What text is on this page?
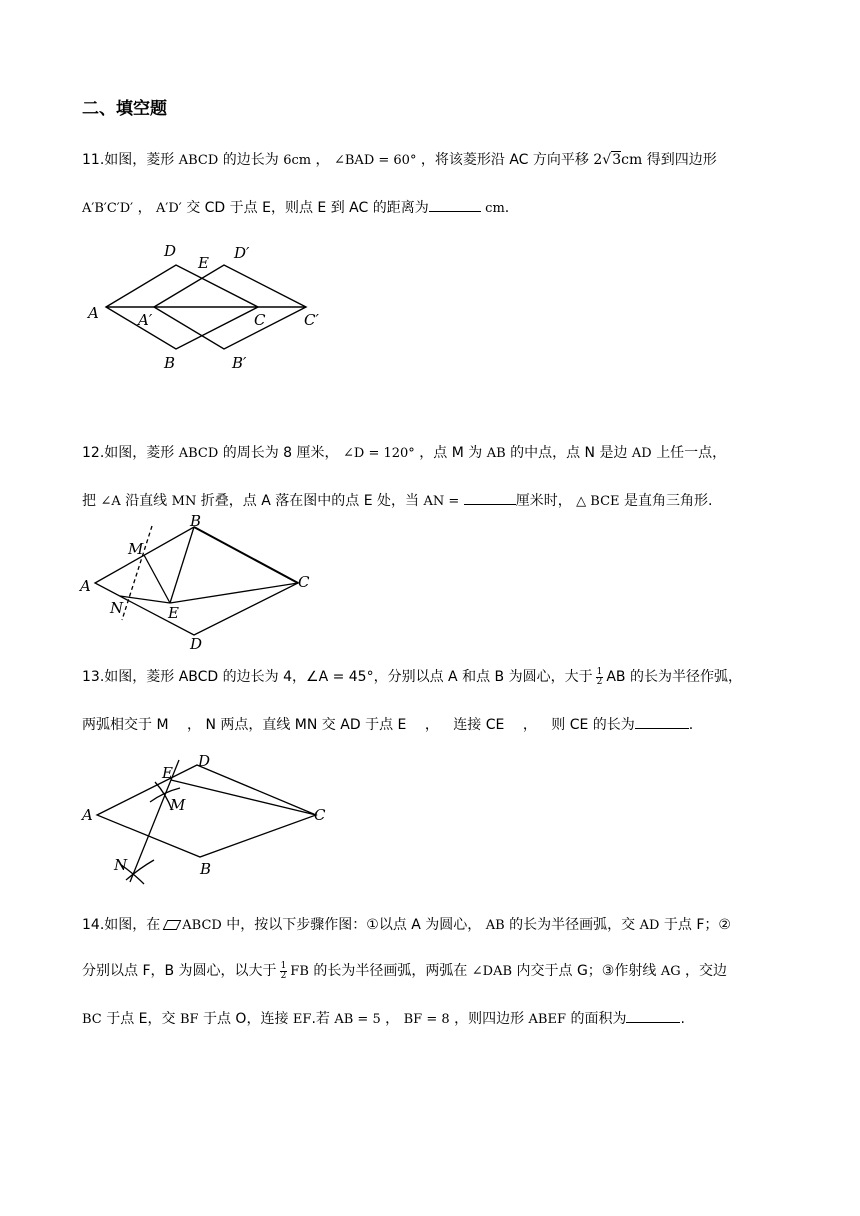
二、填空题
11.如图，菱形 ABCD 的边长为 6cm ， ∠BAD = 60° ，将该菱形沿 AC 方向平移 2√3cm 得到四边形
A′B′C′D′ ， A′D′ 交 CD 于点 E，则点 E 到 AC 的距离为	cm.
D
E
D′
A	A′	C	C′
B	B′
12.如图，菱形 ABCD 的周长为 8 厘米， ∠D = 120° ，点 M 为 AB 的中点，点 N 是边 AD 上任一点，
把 ∠A 沿直线 MN 折叠，点 A 落在图中的点 E 处，当 AN =	厘米时， △ BCE 是直角三角形.
B
M
A
N	E
C
D
13.如图，菱形 ABCD 的边长为 4，∠A = 45°，分别以点 A 和点 B 为圆心，大于 $\frac{1}{2}$ AB 的长为半径作弧，
两弧相交于 M ， N 两点，直线 MN 交 AD 于点 E ， 连接 CE ， 则 CE 的长为	.
E
D
M
A	C
N	B
14.如图，在 ABCD 中，按以下步骤作图：①以点 A 为圆心， AB 的长为半径画弧，交 AD 于点 F；②
分别以点 F，B 为圆心，以大于 $\frac{1}{2}$ FB 的长为半径画弧，两弧在 ∠DAB 内交于点 G；③作射线 AG ，交边
BC 于点 E，交 BF 于点 O，连接 EF.若 AB = 5 ， BF = 8 ，则四边形 ABEF 的面积为	.
